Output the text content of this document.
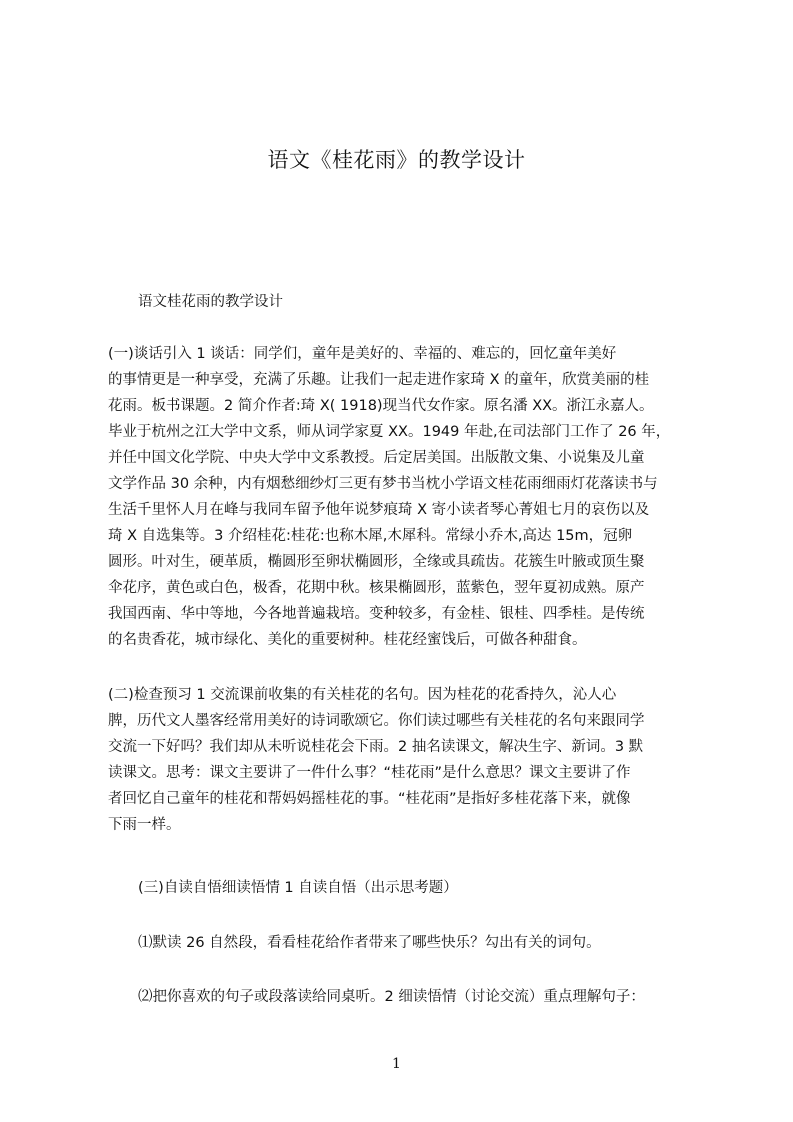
语文《桂花雨》的教学设计
语文桂花雨的教学设计
(一)谈话引入 1 谈话：同学们，童年是美好的、幸福的、难忘的，回忆童年美好
的事情更是一种享受，充满了乐趣。让我们一起走进作家琦 X 的童年，欣赏美丽的桂
花雨。板书课题。2 简介作者:琦 X( 1918)现当代女作家。原名潘 XX。浙江永嘉人。
毕业于杭州之江大学中文系，师从词学家夏 XX。1949 年赴,在司法部门工作了 26 年，
并任中国文化学院、中央大学中文系教授。后定居美国。出版散文集、小说集及儿童
文学作品 30 余种，内有烟愁细纱灯三更有梦书当枕小学语文桂花雨细雨灯花落读书与
生活千里怀人月在峰与我同车留予他年说梦痕琦 X 寄小读者琴心菁姐七月的哀伤以及
琦 X 自选集等。3 介绍桂花:桂花:也称木犀,木犀科。常绿小乔木,高达 15m，冠卵
圆形。叶对生，硬革质，椭圆形至卵状椭圆形，全缘或具疏齿。花簇生叶腋或顶生聚
伞花序，黄色或白色，极香，花期中秋。核果椭圆形，蓝紫色，翌年夏初成熟。原产
我国西南、华中等地，今各地普遍栽培。变种较多，有金桂、银桂、四季桂。是传统
的名贵香花，城市绿化、美化的重要树种。桂花经蜜饯后，可做各种甜食。
(二)检查预习 1 交流课前收集的有关桂花的名句。因为桂花的花香持久，沁人心
脾，历代文人墨客经常用美好的诗词歌颂它。你们读过哪些有关桂花的名句来跟同学
交流一下好吗？我们却从未听说桂花会下雨。2 抽名读课文，解决生字、新词。3 默
读课文。思考：课文主要讲了一件什么事？“桂花雨”是什么意思？课文主要讲了作
者回忆自己童年的桂花和帮妈妈摇桂花的事。“桂花雨”是指好多桂花落下来，就像
下雨一样。
(三)自读自悟细读悟情 1 自读自悟（出示思考题）
⑴默读 26 自然段，看看桂花给作者带来了哪些快乐？勾出有关的词句。
⑵把你喜欢的句子或段落读给同桌听。2 细读悟情（讨论交流）重点理解句子：
1
